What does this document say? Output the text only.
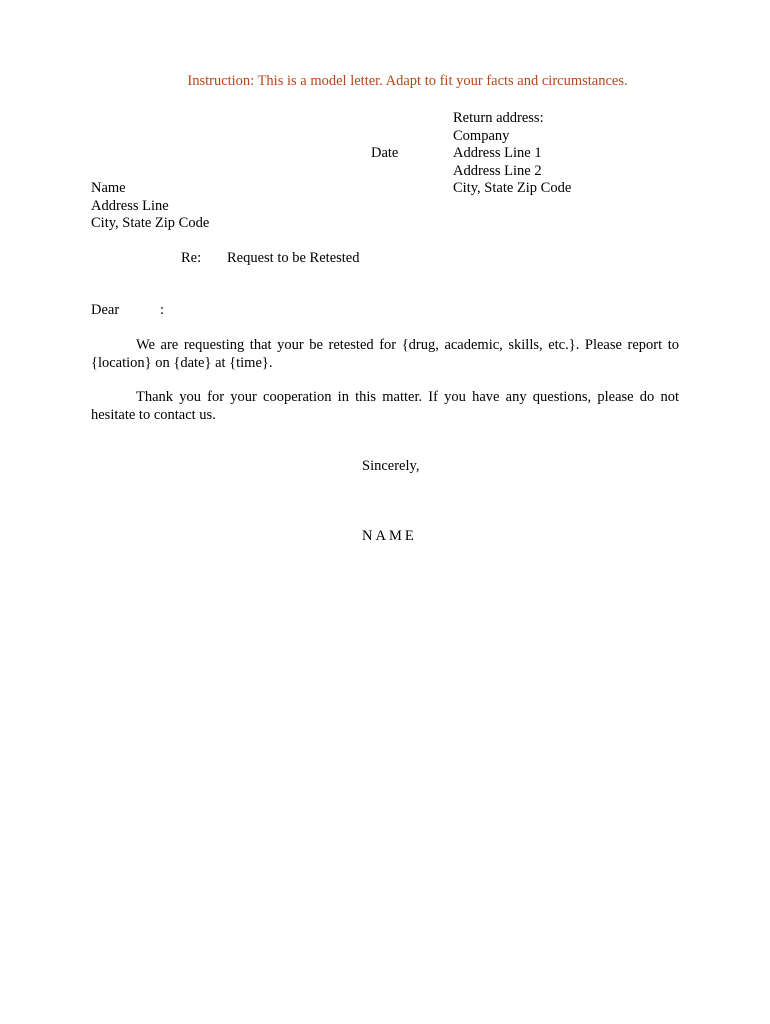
Instruction: This is a model letter. Adapt to fit your facts and circumstances.
Return address:
Company
Address Line 1
Address Line 2
City, State Zip Code
Date
Name
Address Line
City, State Zip Code
Re: Request to be Retested
Dear	:
We are requesting that your be retested for {drug, academic, skills, etc.}. Please report to {location} on {date} at {time}.
Thank you for your cooperation in this matter. If you have any questions, please do not hesitate to contact us.
Sincerely,
NAME
